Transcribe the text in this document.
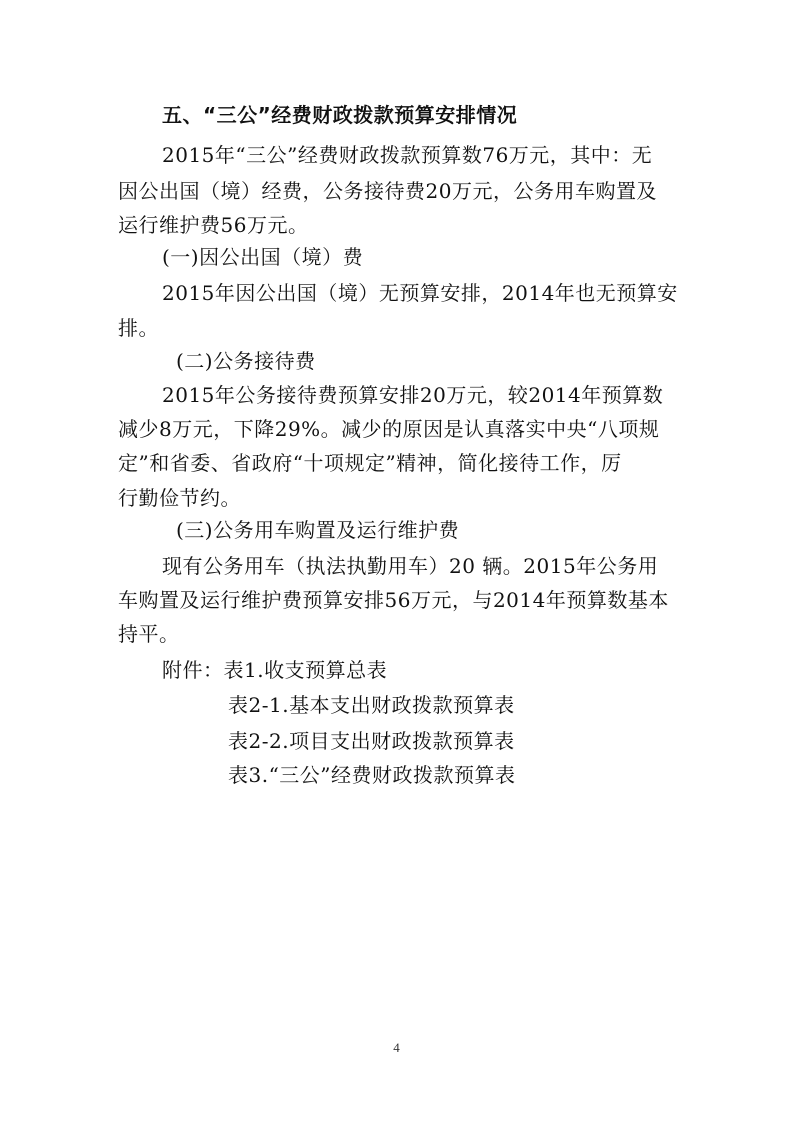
五、“三公”经费财政拨款预算安排情况
2015年“三公”经费财政拨款预算数76万元，其中：无
因公出国（境）经费，公务接待费20万元，公务用车购置及
运行维护费56万元。
(一)因公出国（境）费
2015年因公出国（境）无预算安排，2014年也无预算安
排。
(二)公务接待费
2015年公务接待费预算安排20万元，较2014年预算数
减少8万元，下降29%。减少的原因是认真落实中央“八项规
定”和省委、省政府“十项规定”精神，简化接待工作，厉
行勤俭节约。
(三)公务用车购置及运行维护费
现有公务用车（执法执勤用车）20 辆。2015年公务用
车购置及运行维护费预算安排56万元，与2014年预算数基本
持平。
附件：表1.收支预算总表
表2-1.基本支出财政拨款预算表
表2-2.项目支出财政拨款预算表
表3.“三公”经费财政拨款预算表
4
